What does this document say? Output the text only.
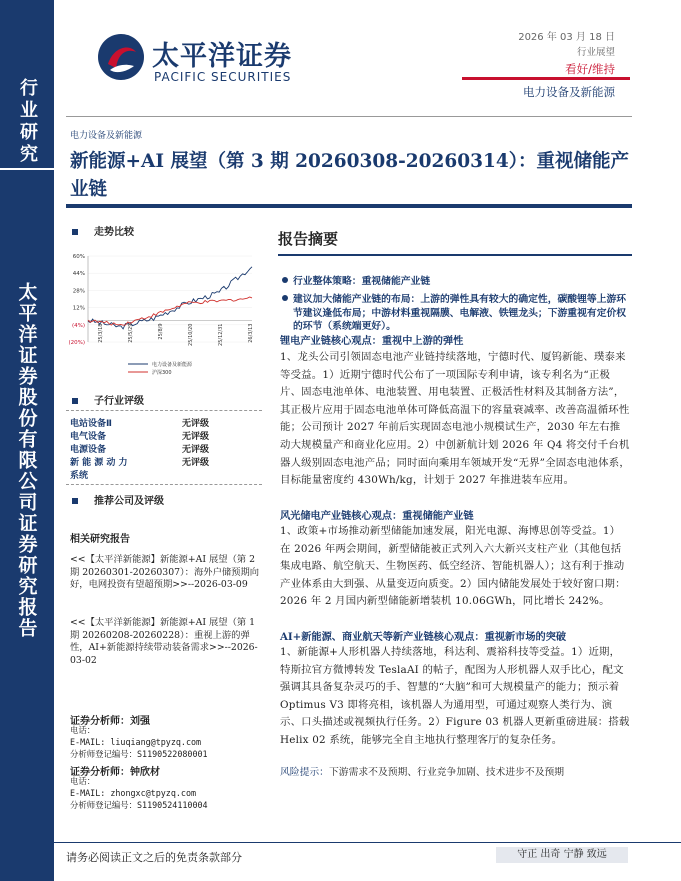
行业研究
太平洋证券股份有限公司证券研究报告
太平洋证券
PACIFIC SECURITIES
2026 年 03 月 18 日
行业展望
看好/维持
电力设备及新能源
电力设备及新能源
新能源+AI 展望（第 3 期 20260308-20260314）：重视储能产业链
走势比较
60%
44%
28%
12%
(4%)
(20%)
25/3/18	25/5/29	25/8/9	25/10/20	25/12/31	26/3/13
电力设备及新能源
沪深300
子行业评级
电站设备Ⅱ	无评级
电气设备	无评级
电源设备	无评级
新 能 源 动 力	无评级
系统
推荐公司及评级
相关研究报告
<<【太平洋新能源】新能源+AI 展望（第 2 期 20260301-20260307）：海外户储预期向好，电网投资有望超预期>>--2026-03-09
<<【太平洋新能源】新能源+AI 展望（第 1 期 20260208-20260228）：重视上游的弹性，AI+新能源持续带动装备需求>>--2026-03-02
证券分析师：刘强
电话：
E-MAIL: liuqiang@tpyzq.com
分析师登记编号：S1190522080001
证券分析师：钟欣材
电话：
E-MAIL: zhongxc@tpyzq.com
分析师登记编号：S1190524110004
报告摘要
行业整体策略：重视储能产业链
建议加大储能产业链的布局：上游的弹性具有较大的确定性，碳酸锂等上游环节建议逢低布局；中游材料重视隔膜、电解液、铁锂龙头；下游重视有定价权的环节（系统端更好）。
锂电产业链核心观点：重视中上游的弹性
1、龙头公司引领固态电池产业链持续落地，宁德时代、厦钨新能、璞泰来等受益。1）近期宁德时代公布了一项国际专利申请，该专利名为“正极片、固态电池单体、电池装置、用电装置、正极活性材料及其制备方法”，其正极片应用于固态电池单体可降低高温下的容量衰减率、改善高温循环性能；公司预计 2027 年前后实现固态电池小规模试生产，2030 年左右推动大规模量产和商业化应用。2）中创新航计划 2026 年 Q4 将交付千台机器人级别固态电池产品；同时面向乘用车领域开发“无界”全固态电池体系，目标能量密度约 430Wh/kg，计划于 2027 年推进装车应用。
风光储电产业链核心观点：重视储能产业链
1、政策+市场推动新型储能加速发展，阳光电源、海博思创等受益。1）在 2026 年两会期间，新型储能被正式列入六大新兴支柱产业（其他包括集成电路、航空航天、生物医药、低空经济、智能机器人）；这有利于推动产业体系由大到强、从量变迈向质变。2）国内储能发展处于较好窗口期：2026 年 2 月国内新型储能新增装机 10.06GWh，同比增长 242%。
AI+新能源、商业航天等新产业链核心观点：重视新市场的突破
1、新能源+人形机器人持续落地，科达利、震裕科技等受益。1）近期，特斯拉官方微博转发 TeslaAI 的帖子，配图为人形机器人双手比心，配文强调其具备复杂灵巧的手、智慧的“大脑”和可大规模量产的能力；预示着 Optimus V3 即将亮相，该机器人为通用型，可通过观察人类行为、演示、口头描述或视频执行任务。2）Figure 03 机器人更新重磅进展：搭载 Helix 02 系统，能够完全自主地执行整理客厅的复杂任务。
风险提示：下游需求不及预期、行业竞争加剧、技术进步不及预期
请务必阅读正文之后的免责条款部分	守正 出奇 宁静 致远
